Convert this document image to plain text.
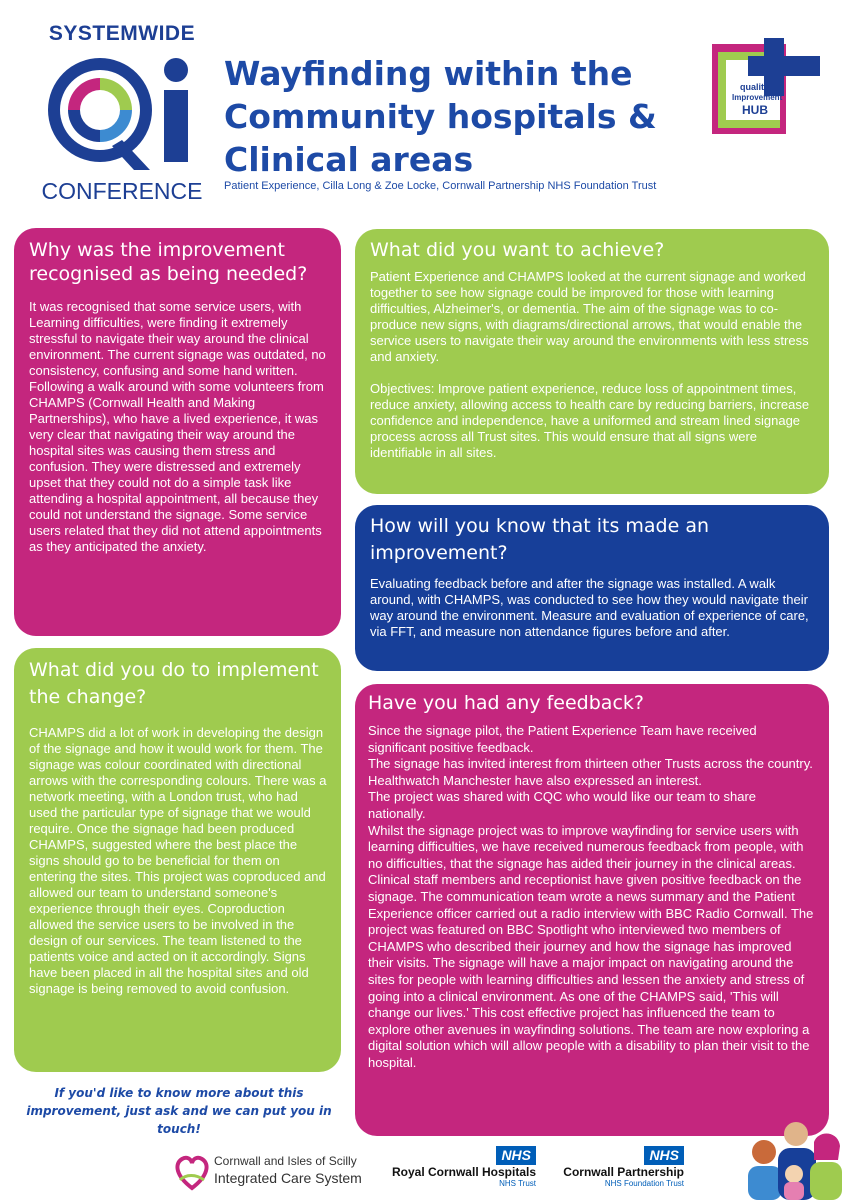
SYSTEMWIDE
CONFERENCE
Wayfinding within the
Community hospitals &
Clinical areas
Patient Experience, Cilla Long & Zoe Locke, Cornwall Partnership NHS Foundation Trust
quality
Improvement
HUB
Why was the improvement recognised as being needed?

It was recognised that some service users, with Learning difficulties, were finding it extremely stressful to navigate their way around the clinical environment. The current signage was outdated, no consistency, confusing and some hand written. Following a walk around with some volunteers from CHAMPS (Cornwall Health and Making Partnerships), who have a lived experience, it was very clear that navigating their way around the hospital sites was causing them stress and confusion. They were distressed and extremely upset that they could not do a simple task like attending a hospital appointment, all because they could not understand the signage. Some service users related that they did not attend appointments as they anticipated the anxiety.

What did you do to implement the change?

CHAMPS did a lot of work in developing the design of the signage and how it would work for them. The signage was colour coordinated with directional arrows with the corresponding colours. There was a network meeting, with a London trust, who had used the particular type of signage that we would require. Once the signage had been produced CHAMPS, suggested where the best place the signs should go to be beneficial for them on entering the sites. This project was coproduced and allowed our team to understand someone's experience through their eyes. Coproduction allowed the service users to be involved in the design of our services. The team listened to the patients voice and acted on it accordingly. Signs have been placed in all the hospital sites and old signage is being removed to avoid confusion.

What did you want to achieve?

Patient Experience and CHAMPS looked at the current signage and worked together to see how signage could be improved for those with learning difficulties, Alzheimer's, or dementia. The aim of the signage was to co-produce new signs, with diagrams/directional arrows, that would enable the service users to navigate their way around the environments with less stress and anxiety.

Objectives: Improve patient experience, reduce loss of appointment times, reduce anxiety, allowing access to health care by reducing barriers, increase confidence and independence, have a uniformed and stream lined signage process across all Trust sites. This would ensure that all signs were identifiable in all sites.

How will you know that its made an improvement?

Evaluating feedback before and after the signage was installed. A walk around, with CHAMPS, was conducted to see how they would navigate their way around the environment. Measure and evaluation of experience of care, via FFT, and measure non attendance figures before and after.

Have you had any feedback?

Since the signage pilot, the Patient Experience Team have received significant positive feedback.

The signage has invited interest from thirteen other Trusts across the country. Healthwatch Manchester have also expressed an interest.

The project was shared with CQC who would like our team to share nationally.

Whilst the signage project was to improve wayfinding for service users with learning difficulties, we have received numerous feedback from people, with no difficulties, that the signage has aided their journey in the clinical areas.

Clinical staff members and receptionist have given positive feedback on the signage. The communication team wrote a news summary and the Patient Experience officer carried out a radio interview with BBC Radio Cornwall. The project was featured on BBC Spotlight who interviewed two members of CHAMPS who described their journey and how the signage has improved their visits. The signage will have a major impact on navigating around the sites for people with learning difficulties and lessen the anxiety and stress of going into a clinical environment. As one of the CHAMPS said, 'This will change our lives.' This cost effective project has influenced the team to explore other avenues in wayfinding solutions. The team are now exploring a digital solution which will allow people with a disability to plan their visit to the hospital.

If you'd like to know more about this improvement, just ask and we can put you in touch!
Cornwall and Isles of Scilly
Integrated Care System
NHS
Royal Cornwall Hospitals
NHS Trust
NHS
Cornwall Partnership
NHS Foundation Trust
